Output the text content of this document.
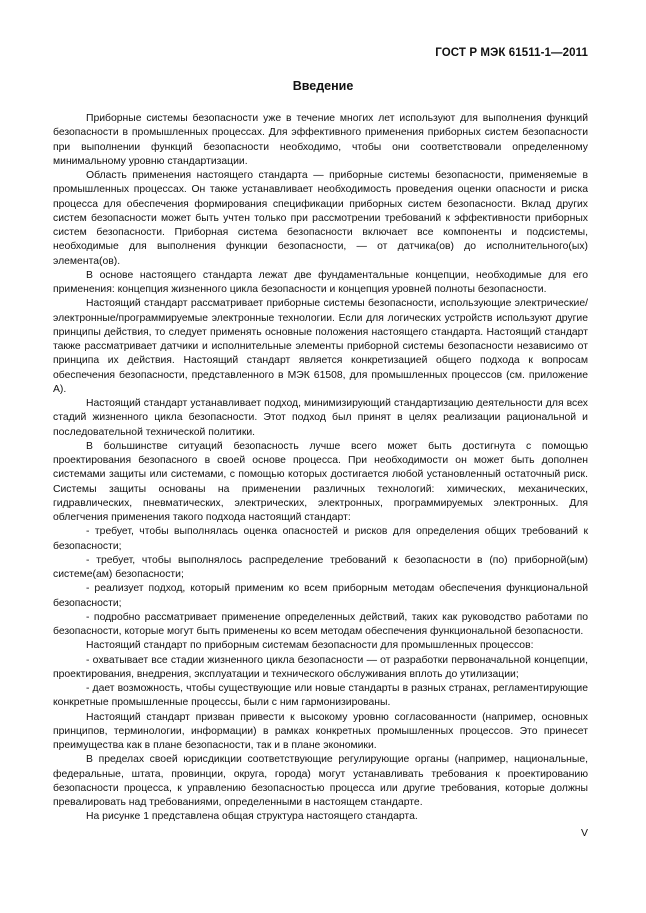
ГОСТ Р МЭК 61511-1—2011
Введение

Приборные системы безопасности уже в течение многих лет используют для выполнения функций безопасности в промышленных процессах. Для эффективного применения приборных систем безопасности при выполнении функций безопасности необходимо, чтобы они соответствовали определенному минимальному уровню стандартизации.

Область применения настоящего стандарта — приборные системы безопасности, применяемые в промышленных процессах. Он также устанавливает необходимость проведения оценки опасности и риска процесса для обеспечения формирования спецификации приборных систем безопасности. Вклад других систем безопасности может быть учтен только при рассмотрении требований к эффективности приборных систем безопасности. Приборная система безопасности включает все компоненты и подсистемы, необходимые для выполнения функции безопасности, — от датчика(ов) до исполнительного(ых) элемента(ов).

В основе настоящего стандарта лежат две фундаментальные концепции, необходимые для его применения: концепция жизненного цикла безопасности и концепция уровней полноты безопасности.

Настоящий стандарт рассматривает приборные системы безопасности, использующие электрические/электронные/программируемые электронные технологии. Если для логических устройств используют другие принципы действия, то следует применять основные положения настоящего стандарта. Настоящий стандарт также рассматривает датчики и исполнительные элементы приборной системы безопасности независимо от принципа их действия. Настоящий стандарт является конкретизацией общего подхода к вопросам обеспечения безопасности, представленного в МЭК 61508, для промышленных процессов (см. приложение А).

Настоящий стандарт устанавливает подход, минимизирующий стандартизацию деятельности для всех стадий жизненного цикла безопасности. Этот подход был принят в целях реализации рациональной и последовательной технической политики.

В большинстве ситуаций безопасность лучше всего может быть достигнута с помощью проектирования безопасного в своей основе процесса. При необходимости он может быть дополнен системами защиты или системами, с помощью которых достигается любой установленный остаточный риск. Системы защиты основаны на применении различных технологий: химических, механических, гидравлических, пневматических, электрических, электронных, программируемых электронных. Для облегчения применения такого подхода настоящий стандарт:

- требует, чтобы выполнялась оценка опасностей и рисков для определения общих требований к безопасности;

- требует, чтобы выполнялось распределение требований к безопасности в (по) приборной(ым) системе(ам) безопасности;

- реализует подход, который применим ко всем приборным методам обеспечения функциональной безопасности;

- подробно рассматривает применение определенных действий, таких как руководство работами по безопасности, которые могут быть применены ко всем методам обеспечения функциональной безопасности.

Настоящий стандарт по приборным системам безопасности для промышленных процессов:

- охватывает все стадии жизненного цикла безопасности — от разработки первоначальной концепции, проектирования, внедрения, эксплуатации и технического обслуживания вплоть до утилизации;

- дает возможность, чтобы существующие или новые стандарты в разных странах, регламентирующие конкретные промышленные процессы, были с ним гармонизированы.

Настоящий стандарт призван привести к высокому уровню согласованности (например, основных принципов, терминологии, информации) в рамках конкретных промышленных процессов. Это принесет преимущества как в плане безопасности, так и в плане экономики.

В пределах своей юрисдикции соответствующие регулирующие органы (например, национальные, федеральные, штата, провинции, округа, города) могут устанавливать требования к проектированию безопасности процесса, к управлению безопасностью процесса или другие требования, которые должны превалировать над требованиями, определенными в настоящем стандарте.

На рисунке 1 представлена общая структура настоящего стандарта.

V
